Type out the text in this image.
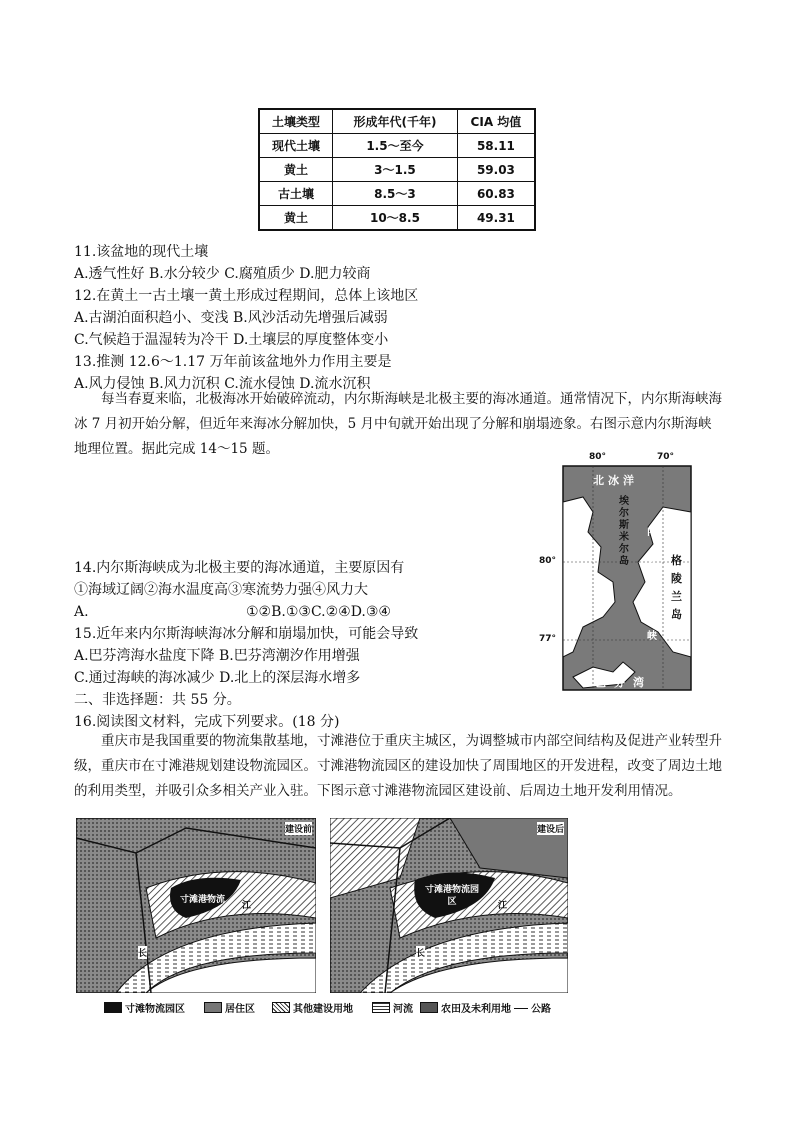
土壤类型	形成年代(千年)	CIA 均值
现代土壤	1.5～至今	58.11
黄土	3～1.5	59.03
古土壤	8.5～3	60.83
黄土	10～8.5	49.31
11.该盆地的现代土壤
A.透气性好 B.水分较少 C.腐殖质少 D.肥力较商
12.在黄土一古土壤一黄土形成过程期间，总体上该地区
A.古湖泊面积趋小、变浅 B.风沙活动先增强后减弱
C.气候趋于温湿转为冷干 D.土壤层的厚度整体变小
13.推测 12.6～1.17 万年前该盆地外力作用主要是
A.风力侵蚀 B.风力沉积 C.流水侵蚀 D.流水沉积
每当春夏来临，北极海冰开始破碎流动，内尔斯海峡是北极主要的海冰通道。通常情况下，内尔斯海峡海冰 7 月初开始分解，但近年来海冰分解加快，5 月中旬就开始出现了分解和崩塌迹象。右图示意内尔斯海峡地理位置。据此完成 14～15 题。	80°	70°
80°
77°
北冰洋
埃尔斯米尔岛	格陵兰岛
内尔斯海峡
巴芬湾
14.内尔斯海峡成为北极主要的海冰通道，主要原因有
①海域辽阔②海水温度高③寒流势力强④风力大
A.	①②B.①③C.②④D.③④
15.近年来内尔斯海峡海冰分解和崩塌加快，可能会导致
A.巴芬湾海水盐度下降 B.巴芬湾潮汐作用增强
C.通过海峡的海冰减少 D.北上的深层海水增多
二、非选择题：共 55 分。
16.阅读图文材料，完成下列要求。(18 分)
重庆市是我国重要的物流集散基地，寸滩港位于重庆主城区，为调整城市内部空间结构及促进产业转型升级，重庆市在寸滩港规划建设物流园区。寸滩港物流园区的建设加快了周围地区的开发进程，改变了周边土地的利用类型，并吸引众多相关产业入驻。下图示意寸滩港物流园区建设前、后周边土地开发利用情况。
建设前
寸滩港物流
长
江
建设后
寸滩港物流园区
长
江
寸滩物流园区	居住区	其他建设用地	河流	农田及未利用地	公路
